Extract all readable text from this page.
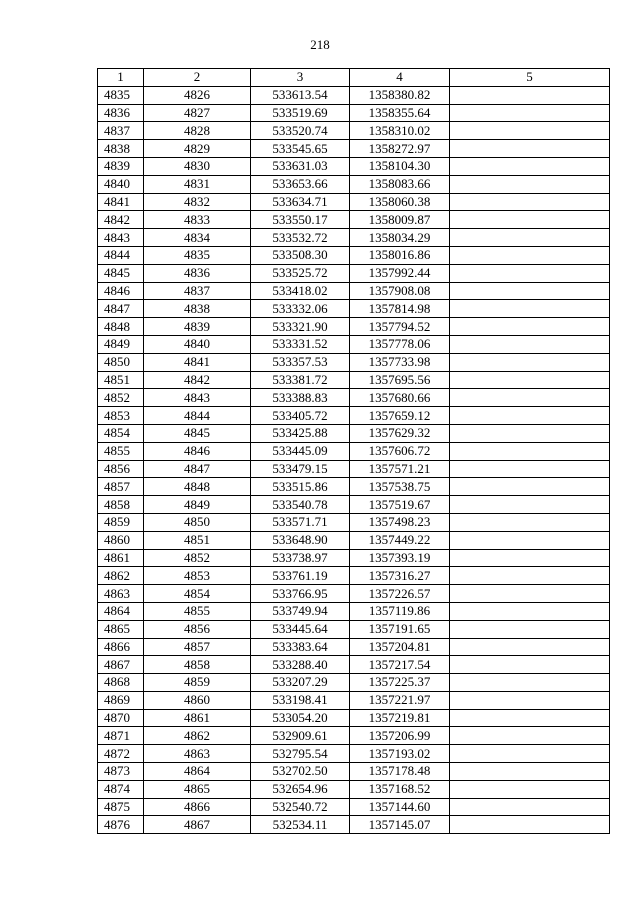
218
1	2	3	4	5
4835	4826	533613.54	1358380.82	
4836	4827	533519.69	1358355.64	
4837	4828	533520.74	1358310.02	
4838	4829	533545.65	1358272.97	
4839	4830	533631.03	1358104.30	
4840	4831	533653.66	1358083.66	
4841	4832	533634.71	1358060.38	
4842	4833	533550.17	1358009.87	
4843	4834	533532.72	1358034.29	
4844	4835	533508.30	1358016.86	
4845	4836	533525.72	1357992.44	
4846	4837	533418.02	1357908.08	
4847	4838	533332.06	1357814.98	
4848	4839	533321.90	1357794.52	
4849	4840	533331.52	1357778.06	
4850	4841	533357.53	1357733.98	
4851	4842	533381.72	1357695.56	
4852	4843	533388.83	1357680.66	
4853	4844	533405.72	1357659.12	
4854	4845	533425.88	1357629.32	
4855	4846	533445.09	1357606.72	
4856	4847	533479.15	1357571.21	
4857	4848	533515.86	1357538.75	
4858	4849	533540.78	1357519.67	
4859	4850	533571.71	1357498.23	
4860	4851	533648.90	1357449.22	
4861	4852	533738.97	1357393.19	
4862	4853	533761.19	1357316.27	
4863	4854	533766.95	1357226.57	
4864	4855	533749.94	1357119.86	
4865	4856	533445.64	1357191.65	
4866	4857	533383.64	1357204.81	
4867	4858	533288.40	1357217.54	
4868	4859	533207.29	1357225.37	
4869	4860	533198.41	1357221.97	
4870	4861	533054.20	1357219.81	
4871	4862	532909.61	1357206.99	
4872	4863	532795.54	1357193.02	
4873	4864	532702.50	1357178.48	
4874	4865	532654.96	1357168.52	
4875	4866	532540.72	1357144.60	
4876	4867	532534.11	1357145.07	
